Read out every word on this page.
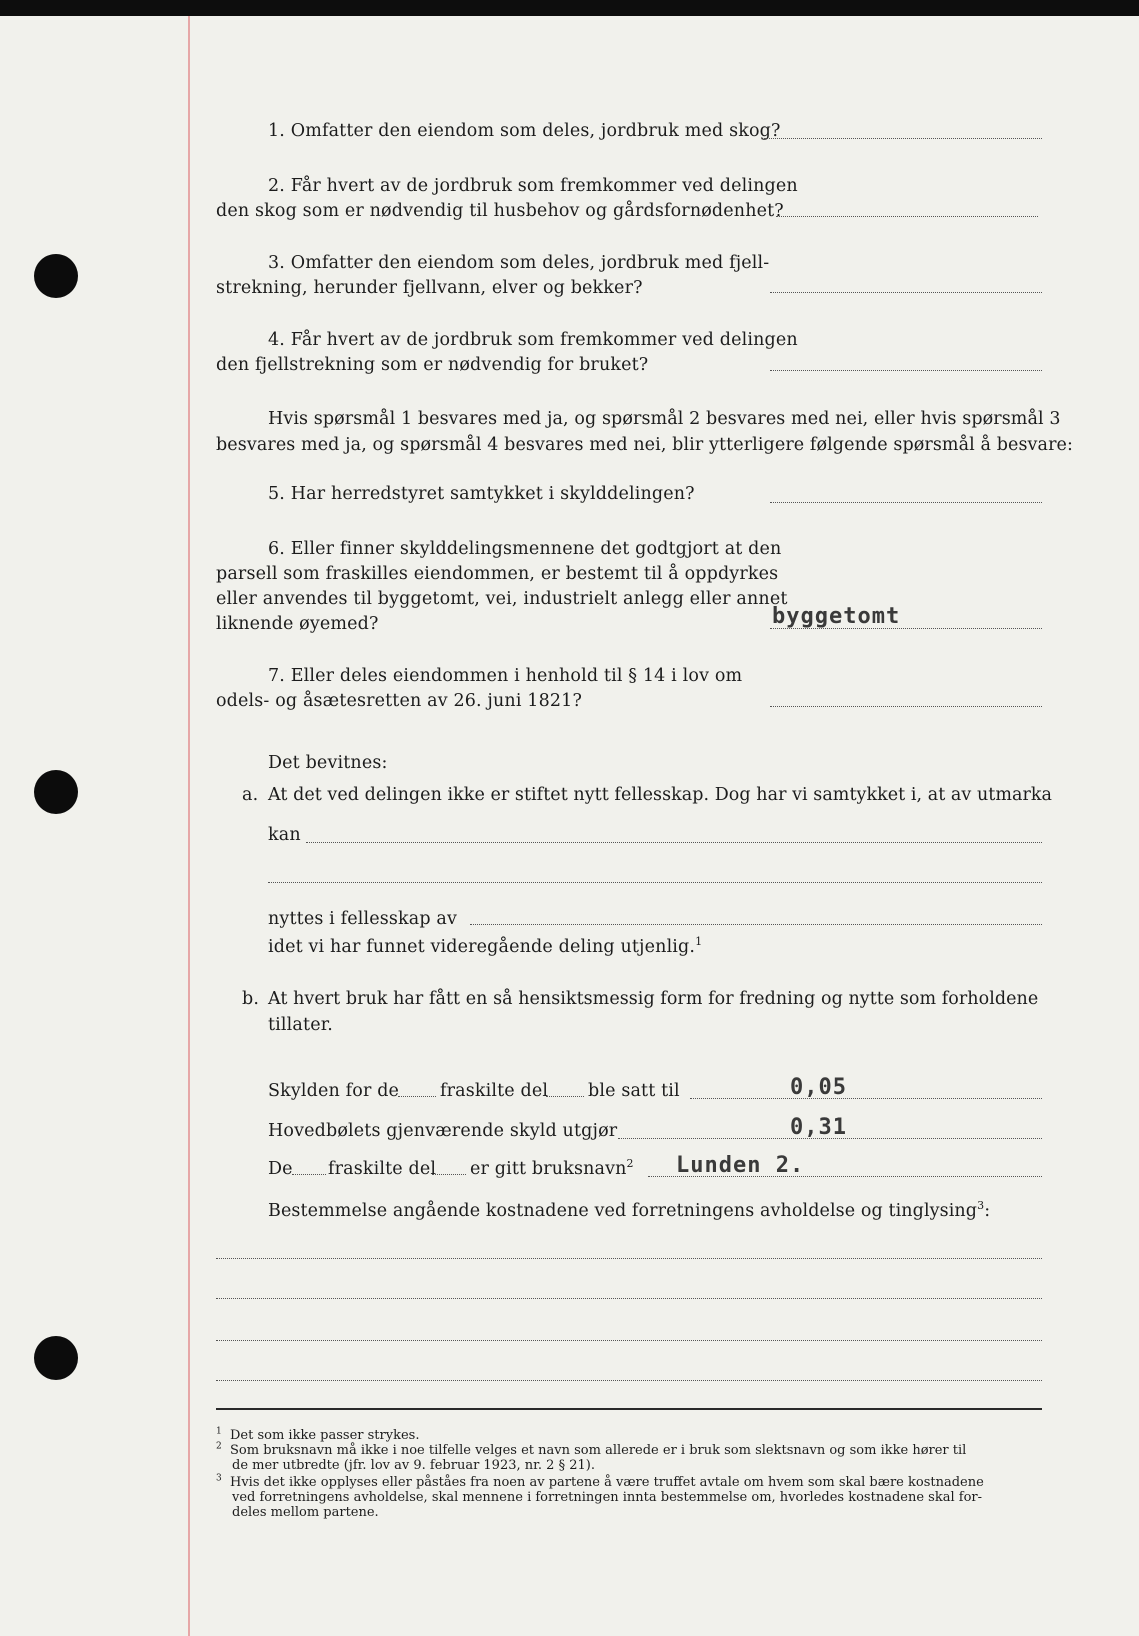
1. Omfatter den eiendom som deles, jordbruk med skog?
2. Får hvert av de jordbruk som fremkommer ved delingen
den skog som er nødvendig til husbehov og gårdsfornødenhet?
3. Omfatter den eiendom som deles, jordbruk med fjell-
strekning, herunder fjellvann, elver og bekker?
4. Får hvert av de jordbruk som fremkommer ved delingen
den fjellstrekning som er nødvendig for bruket?
Hvis spørsmål 1 besvares med ja, og spørsmål 2 besvares med nei, eller hvis spørsmål 3
besvares med ja, og spørsmål 4 besvares med nei, blir ytterligere følgende spørsmål å besvare:
5. Har herredstyret samtykket i skylddelingen?
6. Eller finner skylddelingsmennene det godtgjort at den
parsell som fraskilles eiendommen, er bestemt til å oppdyrkes
eller anvendes til byggetomt, vei, industrielt anlegg eller annet
liknende øyemed?	byggetomt
7. Eller deles eiendommen i henhold til § 14 i lov om
odels- og åsætesretten av 26. juni 1821?
Det bevitnes:
a. At det ved delingen ikke er stiftet nytt fellesskap. Dog har vi samtykket i, at av utmarka
kan
nyttes i fellesskap av
idet vi har funnet videregående deling utjenlig.$^1$
b. At hvert bruk har fått en så hensiktsmessig form for fredning og nytte som forholdene
tillater.
Skylden for de fraskilte del ble satt til	0,05
Hovedbølets gjenværende skyld utgjør	0,31
De fraskilte del er gitt bruksnavn$^2$ Lunden 2.
Bestemmelse angående kostnadene ved forretningens avholdelse og tinglysing$^3$:
$^1$ Det som ikke passer strykes.
$^2$ Som bruksnavn må ikke i noe tilfelle velges et navn som allerede er i bruk som slektsnavn og som ikke hører til
de mer utbredte (jfr. lov av 9. februar 1923, nr. 2 § 21).
$^3$ Hvis det ikke opplyses eller påståes fra noen av partene å være truffet avtale om hvem som skal bære kostnadene
ved forretningens avholdelse, skal mennene i forretningen innta bestemmelse om, hvorledes kostnadene skal for-
deles mellom partene.
